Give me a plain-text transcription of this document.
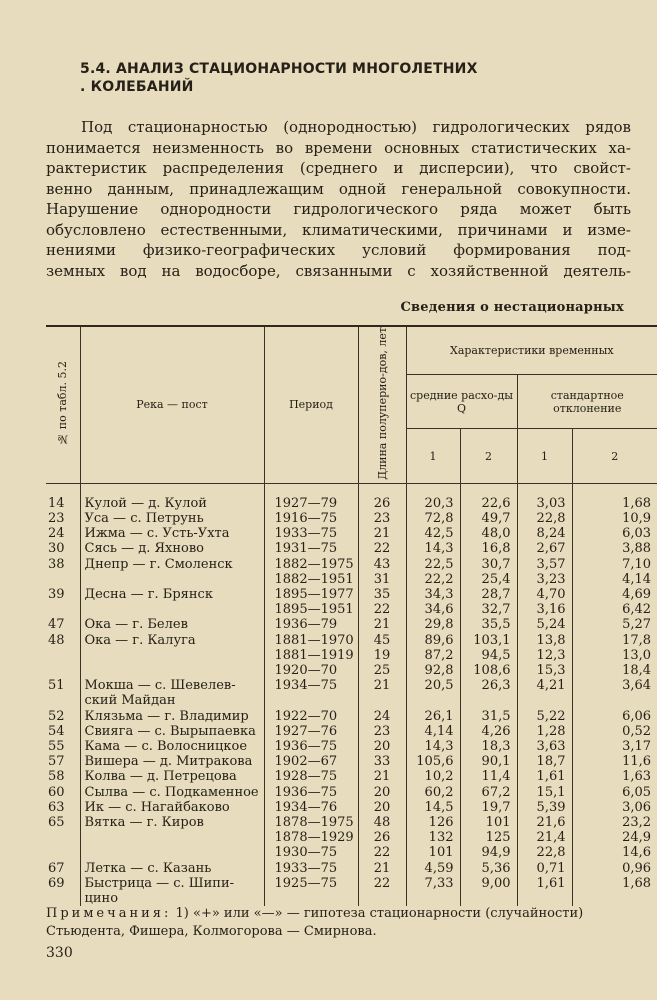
5.4. АНАЛИЗ СТАЦИОНАРНОСТИ МНОГОЛЕТНИХ
. КОЛЕБАНИЙ
Под стационарностью (однородностью) гидрологических рядов
понимается неизменность во времени основных статистических ха-
рактеристик распределения (среднего и дисперсии), что свойст-
венно данным, принадлежащим одной генеральной совокупности.
Нарушение однородности гидрологического ряда может быть
обусловлено естественными, климатическими, причинами и изме-
нениями физико-географических условий формирования под-
земных вод на водосборе, связанными с хозяйственной деятель-
Сведения о нестационарных
№ по табл. 5.2	Река — пост	Период	Длина полуперио-дов, лет	Характеристики временных			
				средние расхо-ды Q		стандартное отклонение	
				1	2	1	2
14	Кулой — д. Кулой	1927—79	26	20,3	22,6	3,03	1,68
23	Уса — с. Петрунь	1916—75	23	72,8	49,7	22,8	10,9
24	Ижма — с. Усть-Ухта	1933—75	21	42,5	48,0	8,24	6,03
30	Сясь — д. Яхново	1931—75	22	14,3	16,8	2,67	3,88
38	Днепр — г. Смоленск	1882—1975	43	22,5	30,7	3,57	7,10
		1882—1951	31	22,2	25,4	3,23	4,14
39	Десна — г. Брянск	1895—1977	35	34,3	28,7	4,70	4,69
		1895—1951	22	34,6	32,7	3,16	6,42
47	Ока — г. Белев	1936—79	21	29,8	35,5	5,24	5,27
48	Ока — г. Калуга	1881—1970	45	89,6	103,1	13,8	17,8
		1881—1919	19	87,2	94,5	12,3	13,0
		1920—70	25	92,8	108,6	15,3	18,4
51	Мокша — с. Шевелев-ский Майдан	1934—75	21	20,5	26,3	4,21	3,64
52	Клязьма — г. Владимир	1922—70	24	26,1	31,5	5,22	6,06
54	Свияга — с. Вырыпаевка	1927—76	23	4,14	4,26	1,28	0,52
55	Кама — с. Волосницкое	1936—75	20	14,3	18,3	3,63	3,17
57	Вишера — д. Митракова	1902—67	33	105,6	90,1	18,7	11,6
58	Колва — д. Петрецова	1928—75	21	10,2	11,4	1,61	1,63
60	Сылва — с. Подкаменное	1936—75	20	60,2	67,2	15,1	6,05
63	Ик — с. Нагайбаково	1934—76	20	14,5	19,7	5,39	3,06
65	Вятка — г. Киров	1878—1975	48	126	101	21,6	23,2
		1878—1929	26	132	125	21,4	24,9
		1930—75	22	101	94,9	22,8	14,6
67	Летка — с. Казань	1933—75	21	4,59	5,36	0,71	0,96
69	Быстрица — с. Шипи-цино	1925—75	22	7,33	9,00	1,61	1,68
Примечания: 1) «+» или «—» — гипотеза стационарности (случайности) Стьюдента, Фишера, Колмогорова — Смирнова.
330
